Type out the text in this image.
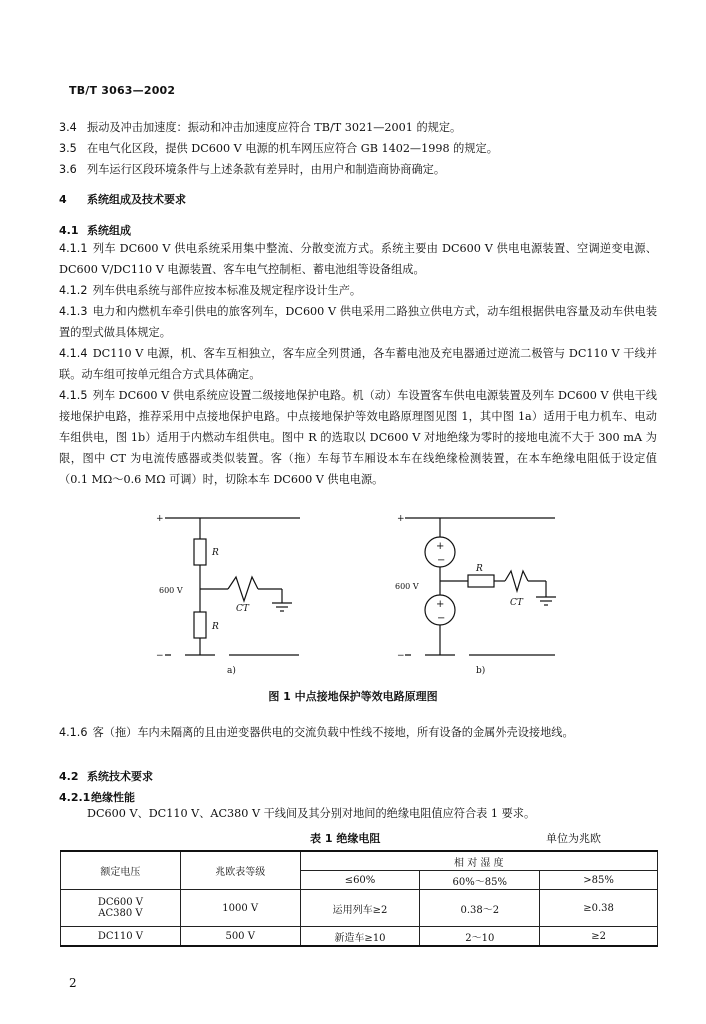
TB/T 3063—2002
3.4 振动及冲击加速度：振动和冲击加速度应符合 TB/T 3021—2001 的规定。
3.5 在电气化区段，提供 DC600 V 电源的机车网压应符合 GB 1402—1998 的规定。
3.6 列车运行区段环境条件与上述条款有差异时，由用户和制造商协商确定。
4 系统组成及技术要求
4.1 系统组成
4.1.1 列车 DC600 V 供电系统采用集中整流、分散变流方式。系统主要由 DC600 V 供电电源装置、空调逆变电源、DC600 V/DC110 V 电源装置、客车电气控制柜、蓄电池组等设备组成。
4.1.2 列车供电系统与部件应按本标准及规定程序设计生产。
4.1.3 电力和内燃机车牵引供电的旅客列车，DC600 V 供电采用二路独立供电方式，动车组根据供电容量及动车供电装置的型式做具体规定。
4.1.4 DC110 V 电源，机、客车互相独立，客车应全列贯通，各车蓄电池及充电器通过逆流二极管与 DC110 V 干线并联。动车组可按单元组合方式具体确定。
4.1.5 列车 DC600 V 供电系统应设置二级接地保护电路。机（动）车设置客车供电电源装置及列车 DC600 V 供电干线接地保护电路，推荐采用中点接地保护电路。中点接地保护等效电路原理图见图 1，其中图 1a）适用于电力机车、电动车组供电，图 1b）适用于内燃动车组供电。图中 R 的选取以 DC600 V 对地绝缘为零时的接地电流不大于 300 mA 为限，图中 CT 为电流传感器或类似装置。客（拖）车每节车厢设本车在线绝缘检测装置，在本车绝缘电阻低于设定值（0.1 MΩ～0.6 MΩ 可调）时，切除本车 DC600 V 供电电源。
+
−
R
R
600 V
CT
a)
+
−
+
−
+
−
600 V
R
CT
b)
图 1 中点接地保护等效电路原理图
4.1.6 客（拖）车内未隔离的且由逆变器供电的交流负载中性线不接地，所有设备的金属外壳设接地线。
4.2 系统技术要求
4.2.1绝缘性能
DC600 V、DC110 V、AC380 V 干线间及其分别对地间的绝缘电阻值应符合表 1 要求。
表 1 绝缘电阻	单位为兆欧
额定电压	兆欧表等级	相 对 湿 度		
		≤60%	60%～85%	>85%

DC600 V
AC380 V	1000 V	运用列车≥2	0.38～2	≥0.38
DC110 V	500 V	新造车≥10	2～10	≥2
2
